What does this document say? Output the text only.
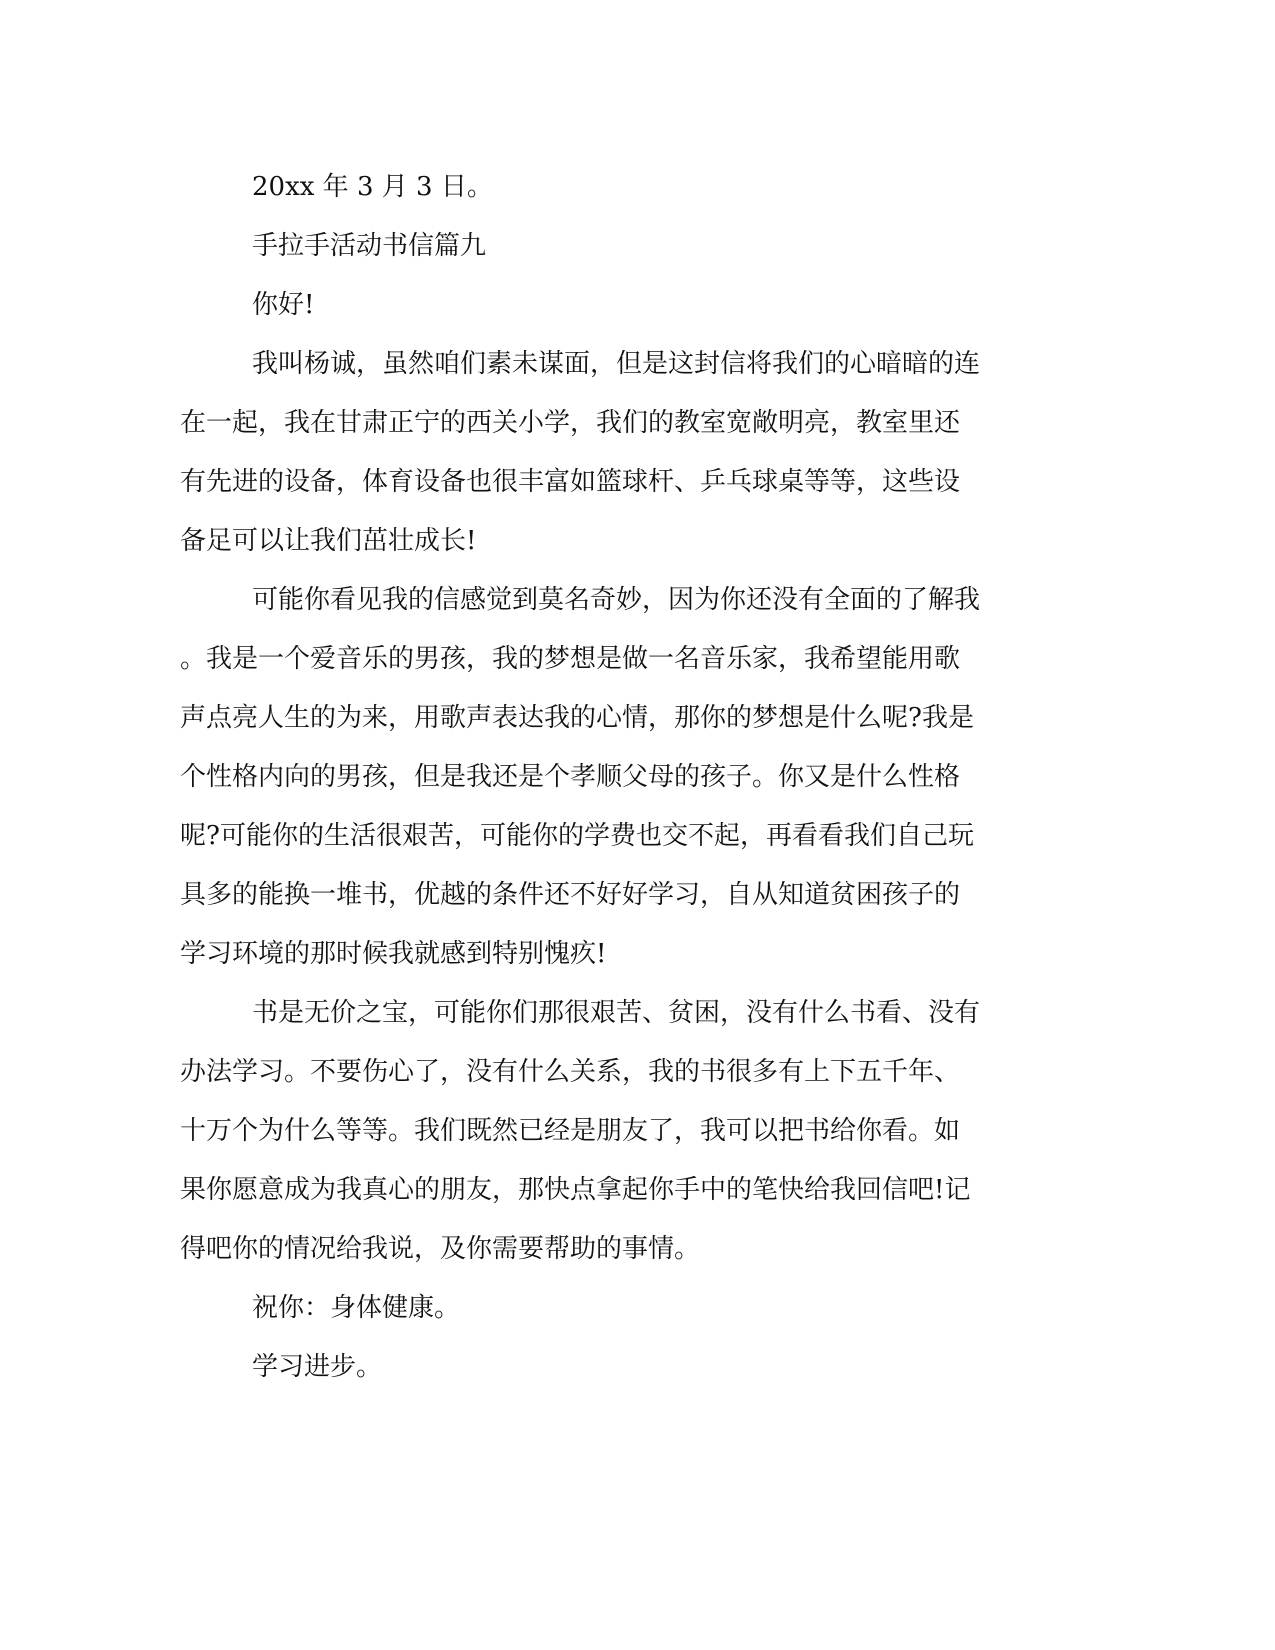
20xx 年 3 月 3 日。

手拉手活动书信篇九

你好!

我叫杨诚，虽然咱们素未谋面，但是这封信将我们的心暗暗的连

在一起，我在甘肃正宁的西关小学，我们的教室宽敞明亮，教室里还

有先进的设备，体育设备也很丰富如篮球杆、乒乓球桌等等，这些设

备足可以让我们茁壮成长!

可能你看见我的信感觉到莫名奇妙，因为你还没有全面的了解我

。我是一个爱音乐的男孩，我的梦想是做一名音乐家，我希望能用歌

声点亮人生的为来，用歌声表达我的心情，那你的梦想是什么呢?我是

个性格内向的男孩，但是我还是个孝顺父母的孩子。你又是什么性格

呢?可能你的生活很艰苦，可能你的学费也交不起，再看看我们自己玩

具多的能换一堆书，优越的条件还不好好学习，自从知道贫困孩子的

学习环境的那时候我就感到特别愧疚!

书是无价之宝，可能你们那很艰苦、贫困，没有什么书看、没有

办法学习。不要伤心了，没有什么关系，我的书很多有上下五千年、

十万个为什么等等。我们既然已经是朋友了，我可以把书给你看。如

果你愿意成为我真心的朋友，那快点拿起你手中的笔快给我回信吧!记

得吧你的情况给我说，及你需要帮助的事情。

祝你：身体健康。

学习进步。
